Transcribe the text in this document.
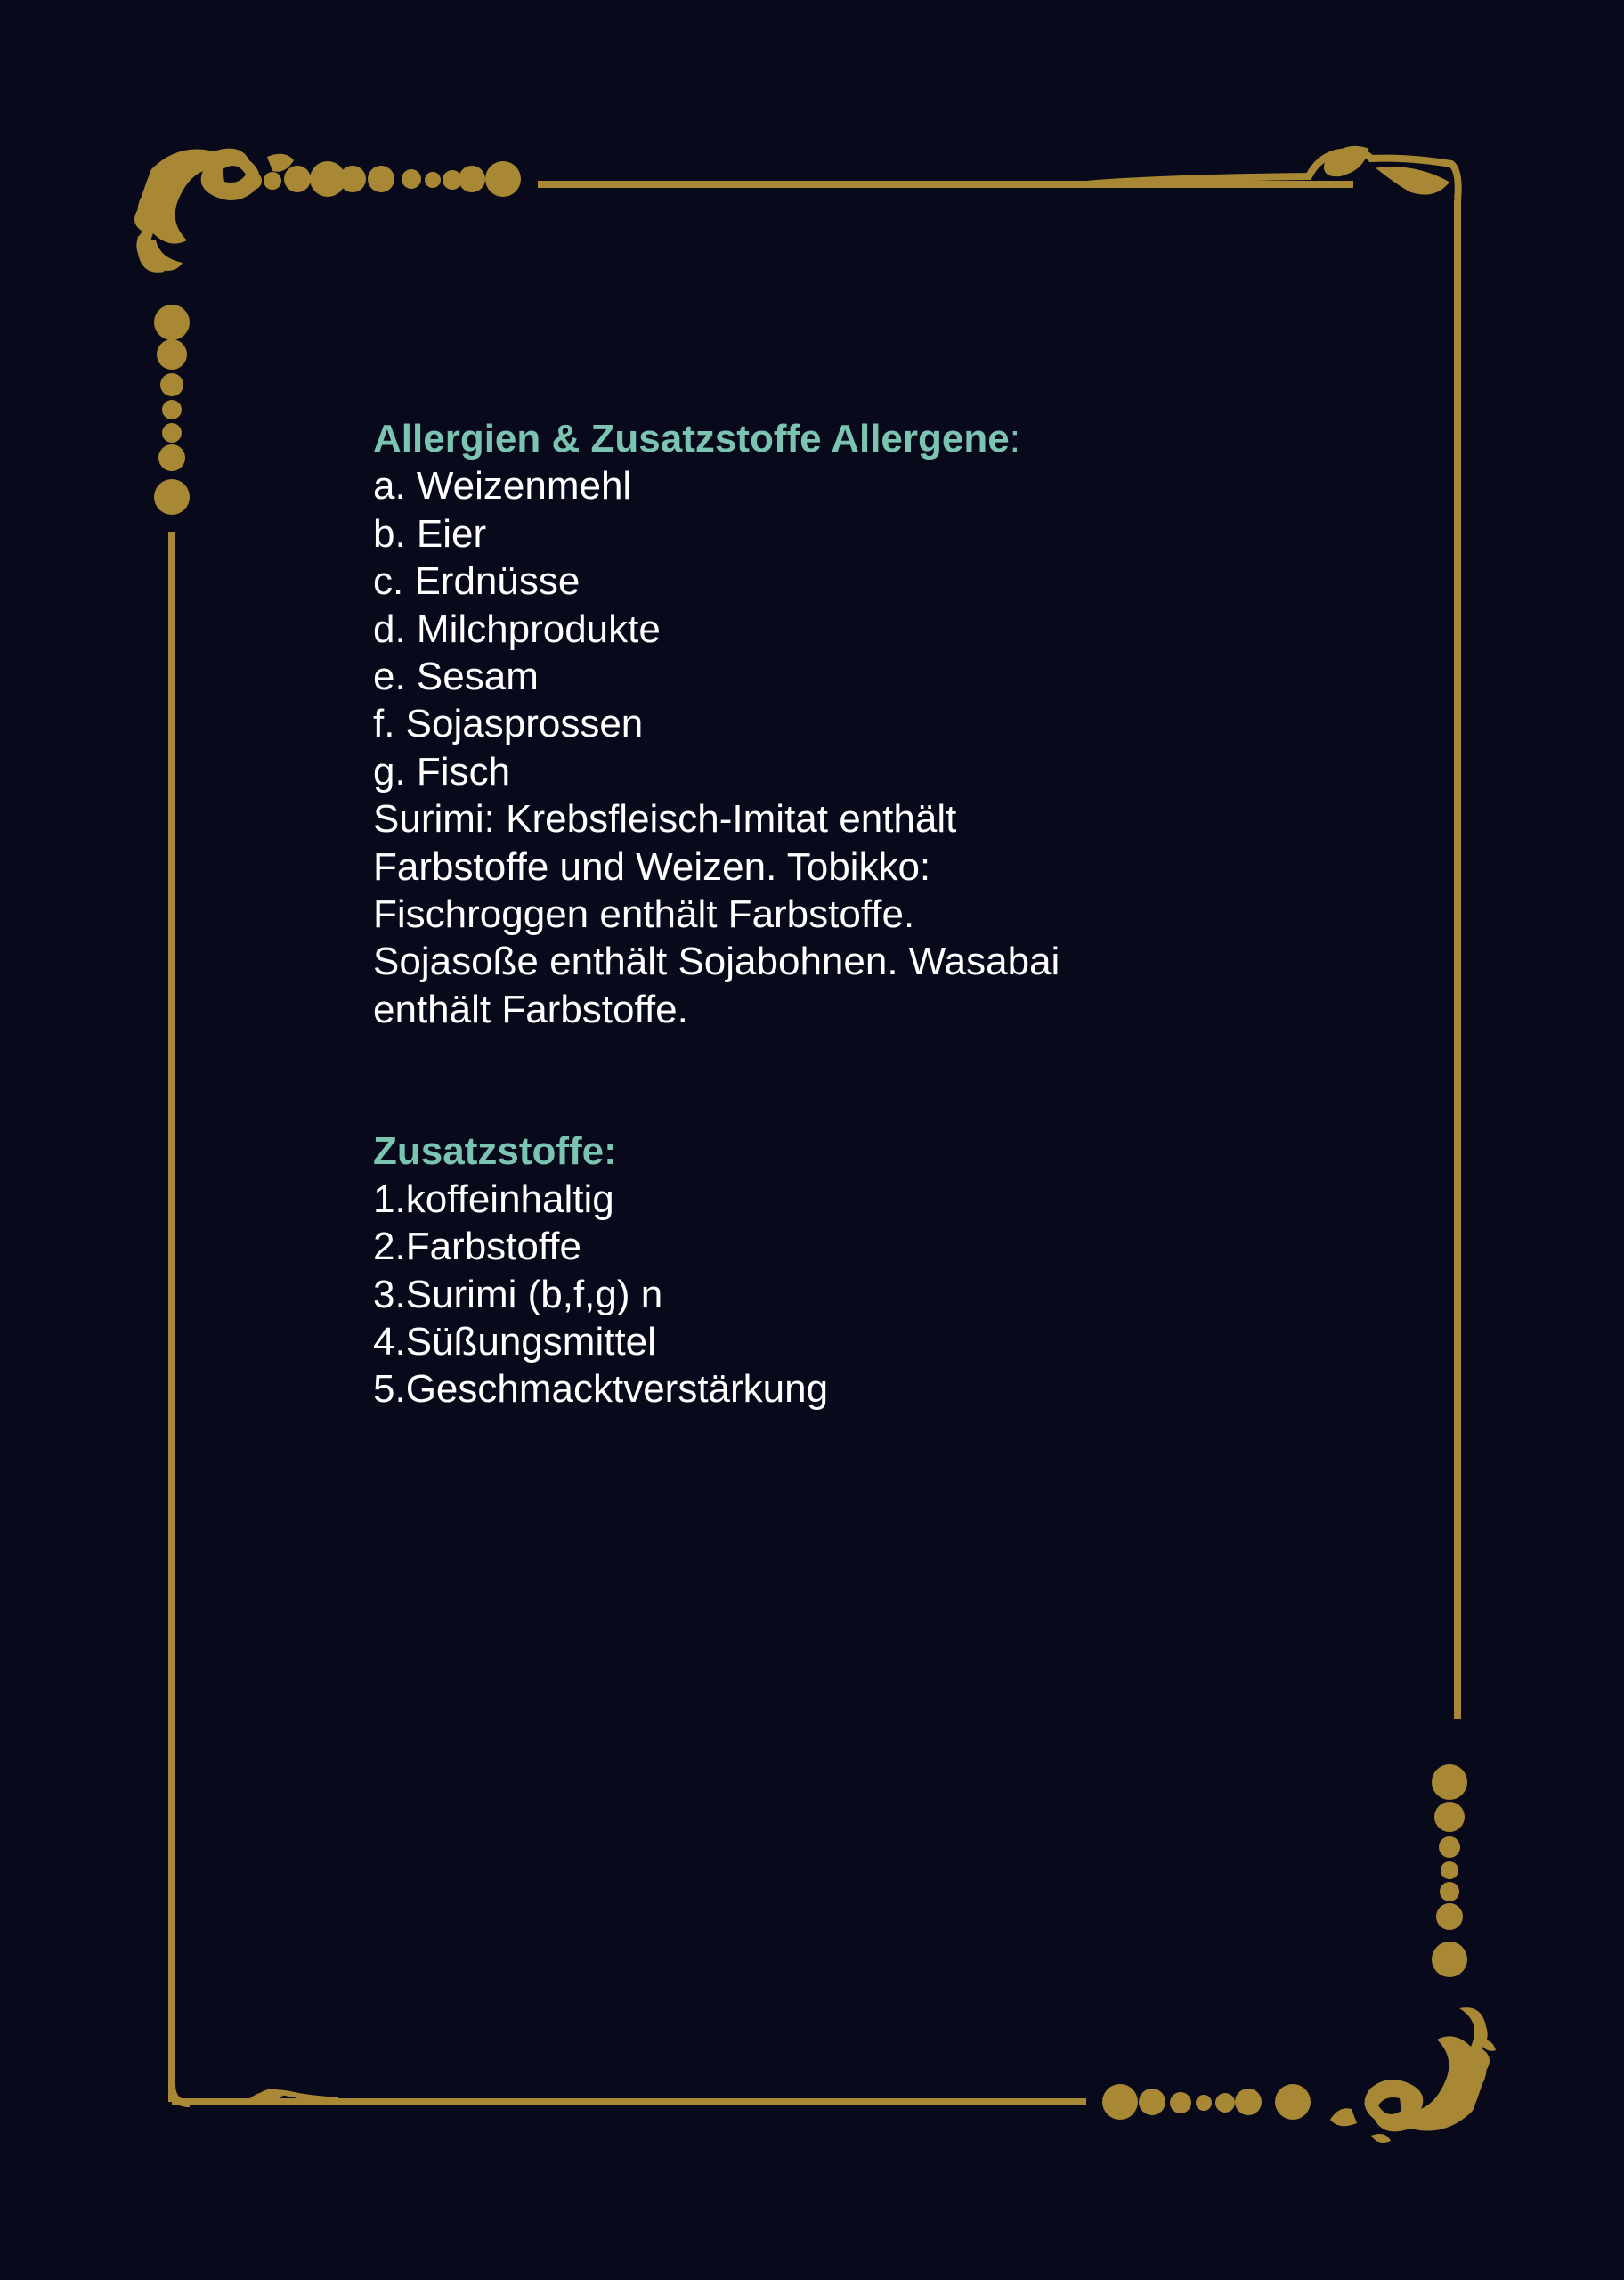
Allergien & Zusatzstoffe Allergene:
a. Weizenmehl
b. Eier
c. Erdnüsse
d. Milchprodukte
e. Sesam
f. Sojasprossen
g. Fisch
Surimi: Krebsfleisch-Imitat enthält
Farbstoffe und Weizen. Tobikko:
Fischroggen enthält Farbstoffe.
Sojasoße enthält Sojabohnen. Wasabai
enthält Farbstoffe.
Zusatzstoffe:
1.koffeinhaltig
2.Farbstoffe
3.Surimi (b,f,g) n
4.Süßungsmittel
5.Geschmacktverstärkung
